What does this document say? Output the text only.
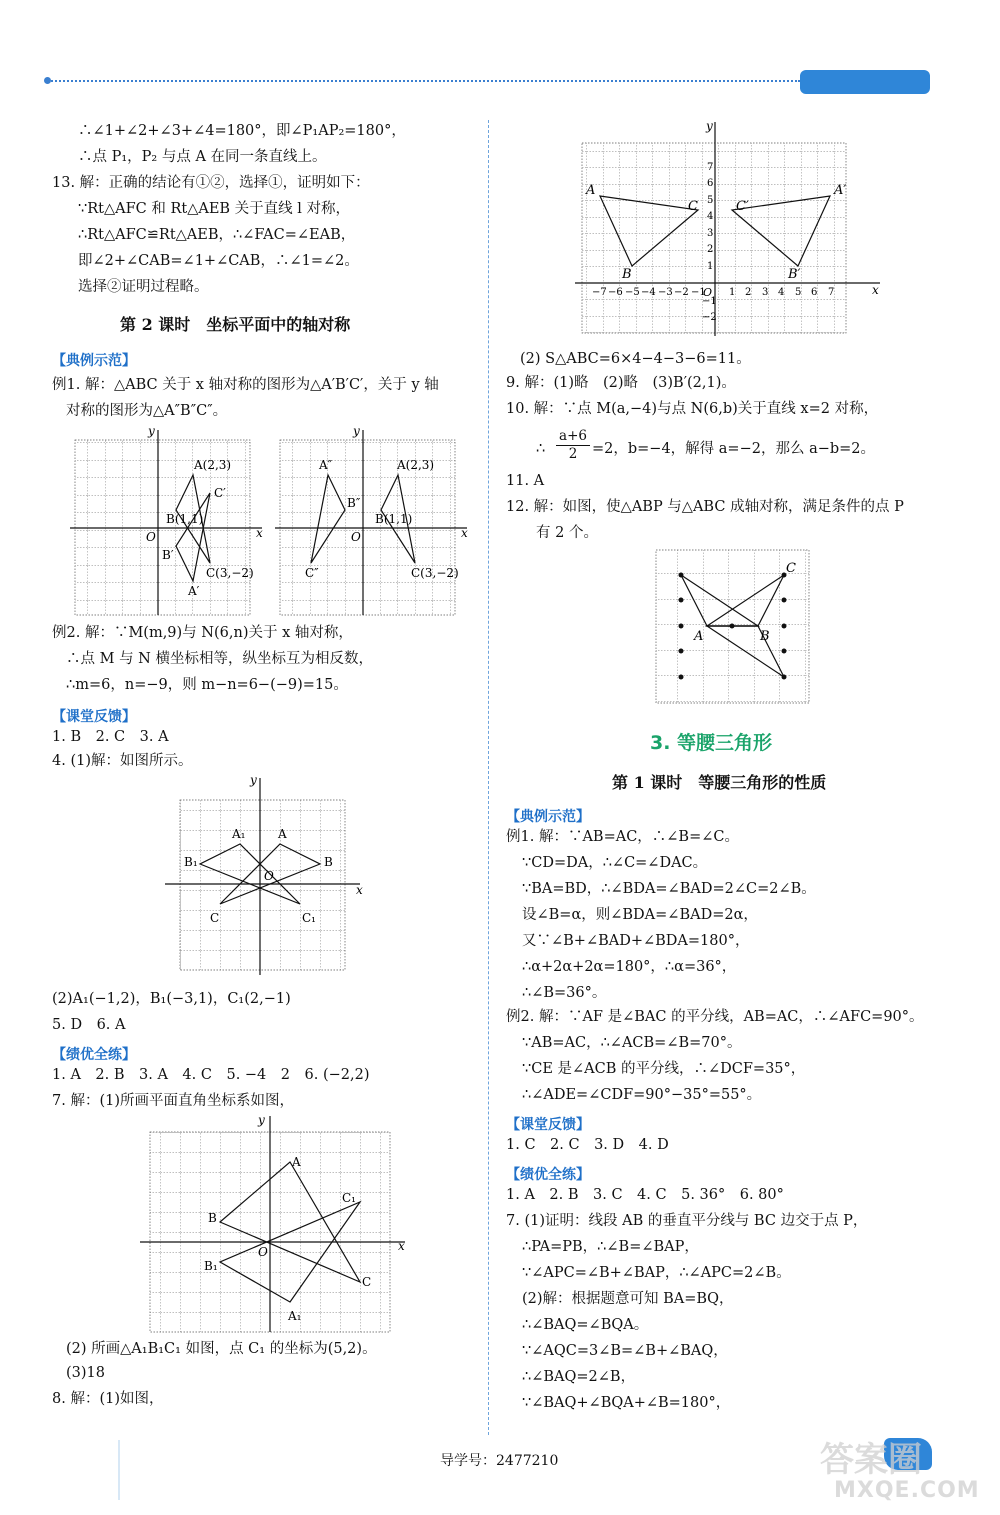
∴∠1+∠2+∠3+∠4=180°，即∠P₁AP₂=180°，
∴点 P₁，P₂ 与点 A 在同一条直线上。
13. 解：正确的结论有①②，选择①，证明如下：
∵Rt△AFC 和 Rt△AEB 关于直线 l 对称，
∴Rt△AFC≌Rt△AEB，∴∠FAC=∠EAB，
即∠2+∠CAB=∠1+∠CAB，∴∠1=∠2。
选择②证明过程略。
第 2 课时　坐标平面中的轴对称
【典例示范】
例1. 解：△ABC 关于 x 轴对称的图形为△A′B′C′，关于 y 轴
对称的图形为△A″B″C″。
A(2,3)
C′
B(1,1)
B′
C(3,−2)
A′
O	x
y
A″	A(2,3)
B″
B(1,1)
C″	C(3,−2)
O	x
y
例2. 解：∵M(m,9)与 N(6,n)关于 x 轴对称，
∴点 M 与 N 横坐标相等，纵坐标互为相反数，
∴m=6，n=−9，则 m−n=6−(−9)=15。
【课堂反馈】
1. B　2. C　3. A
4. (1)解：如图所示。
A₁	A
B₁	B
C	C₁
O
x
y
(2)A₁(−1,2)，B₁(−3,1)，C₁(2,−1)
5. D　6. A
【绩优全练】
1. A　2. B　3. A　4. C　5. −4　2　6. (−2,2)
7. 解：(1)所画平面直角坐标系如图，
A
C₁
B
B₁
C
A₁
O	x
y
(2) 所画△A₁B₁C₁ 如图，点 C₁ 的坐标为(5,2)。
(3)18
8. 解：(1)如图，
A
C
A′
C′
B	B′
O	x
y
−7 −6 −5 −4 −3 −2 −1 1 2 3 4 5 6 7
7
6
5
4
3
2
1
−1
−2
(2) S△ABC=6×4−4−3−6=11。
9. 解：(1)略　(2)略　(3)B′(2,1)。
10. 解：∵点 M(a,−4)与点 N(6,b)关于直线 x=2 对称，
∴ $\frac{a+6}{2} =2$，b=−4，解得 a=−2，那么 a−b=2。
11. A
12. 解：如图，使△ABP 与△ABC 成轴对称，满足条件的点 P
有 2 个。
C
A	B
3. 等腰三角形
第 1 课时　等腰三角形的性质
【典例示范】
例1. 解：∵AB=AC，∴∠B=∠C。
∵CD=DA，∴∠C=∠DAC。
∵BA=BD，∴∠BDA=∠BAD=2∠C=2∠B。
设∠B=α，则∠BDA=∠BAD=2α，
又∵∠B+∠BAD+∠BDA=180°，
∴α+2α+2α=180°，∴α=36°，
∴∠B=36°。
例2. 解：∵AF 是∠BAC 的平分线，AB=AC，∴∠AFC=90°。
∵AB=AC，∴∠ACB=∠B=70°。
∵CE 是∠ACB 的平分线，∴∠DCF=35°，
∴∠ADE=∠CDF=90°−35°=55°。
【课堂反馈】
1. C　2. C　3. D　4. D
【绩优全练】
1. A　2. B　3. C　4. C　5. 36°　6. 80°
7. (1)证明：线段 AB 的垂直平分线与 BC 边交于点 P，
∴PA=PB，∴∠B=∠BAP，
∵∠APC=∠B+∠BAP，∴∠APC=2∠B。
(2)解：根据题意可知 BA=BQ，
∴∠BAQ=∠BQA。
∵∠AQC=3∠B=∠B+∠BAQ，
∴∠BAQ=2∠B，
∵∠BAQ+∠BQA+∠B=180°，
导学号：2477210	答案圈
MXQE.COM
